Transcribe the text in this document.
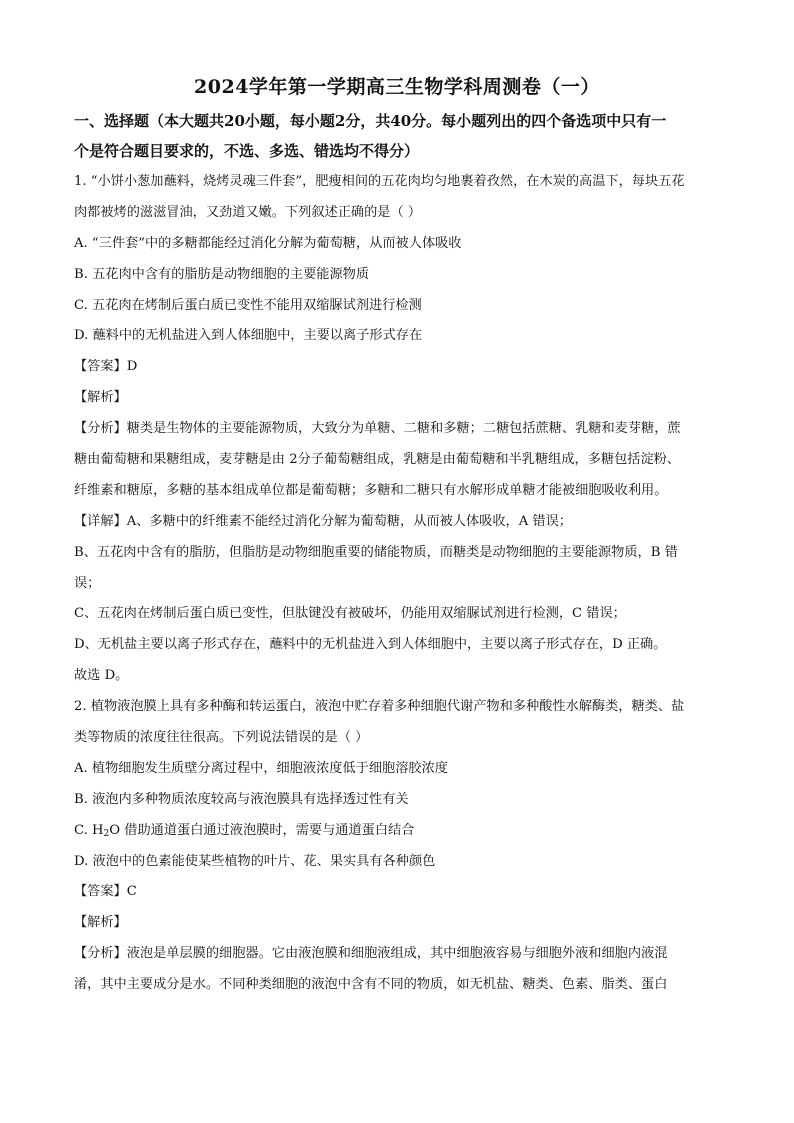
2024学年第一学期高三生物学科周测卷（一）
一、选择题（本大题共20小题，每小题2分，共40分。每小题列出的四个备选项中只有一
个是符合题目要求的，不选、多选、错选均不得分）
1. “小饼小葱加蘸料，烧烤灵魂三件套”，肥瘦相间的五花肉均匀地裹着孜然，在木炭的高温下，每块五花
肉都被烤的滋滋冒油，又劲道又嫩。下列叙述正确的是（ ）
A. “三件套”中的多糖都能经过消化分解为葡萄糖，从而被人体吸收
B. 五花肉中含有的脂肪是动物细胞的主要能源物质
C. 五花肉在烤制后蛋白质已变性不能用双缩脲试剂进行检测
D. 蘸料中的无机盐进入到人体细胞中，主要以离子形式存在
【答案】D
【解析】
【分析】糖类是生物体的主要能源物质，大致分为单糖、二糖和多糖；二糖包括蔗糖、乳糖和麦芽糖，蔗
糖由葡萄糖和果糖组成，麦芽糖是由 2分子葡萄糖组成，乳糖是由葡萄糖和半乳糖组成，多糖包括淀粉、
纤维素和糖原，多糖的基本组成单位都是葡萄糖；多糖和二糖只有水解形成单糖才能被细胞吸收利用。
【详解】A、多糖中的纤维素不能经过消化分解为葡萄糖，从而被人体吸收，A 错误；
B、五花肉中含有的脂肪，但脂肪是动物细胞重要的储能物质，而糖类是动物细胞的主要能源物质，B 错
误；
C、五花肉在烤制后蛋白质已变性，但肽键没有被破坏，仍能用双缩脲试剂进行检测，C 错误；
D、无机盐主要以离子形式存在，蘸料中的无机盐进入到人体细胞中，主要以离子形式存在，D 正确。
故选 D。
2. 植物液泡膜上具有多种酶和转运蛋白，液泡中贮存着多种细胞代谢产物和多种酸性水解酶类，糖类、盐
类等物质的浓度往往很高。下列说法错误的是（ ）
A. 植物细胞发生质壁分离过程中，细胞液浓度低于细胞溶胶浓度
B. 液泡内多种物质浓度较高与液泡膜具有选择透过性有关
C. $H_2O$ 借助通道蛋白通过液泡膜时，需要与通道蛋白结合
D. 液泡中的色素能使某些植物的叶片、花、果实具有各种颜色
【答案】C
【解析】
【分析】液泡是单层膜的细胞器。它由液泡膜和细胞液组成，其中细胞液容易与细胞外液和细胞内液混
淆，其中主要成分是水。不同种类细胞的液泡中含有不同的物质，如无机盐、糖类、色素、脂类、蛋白
